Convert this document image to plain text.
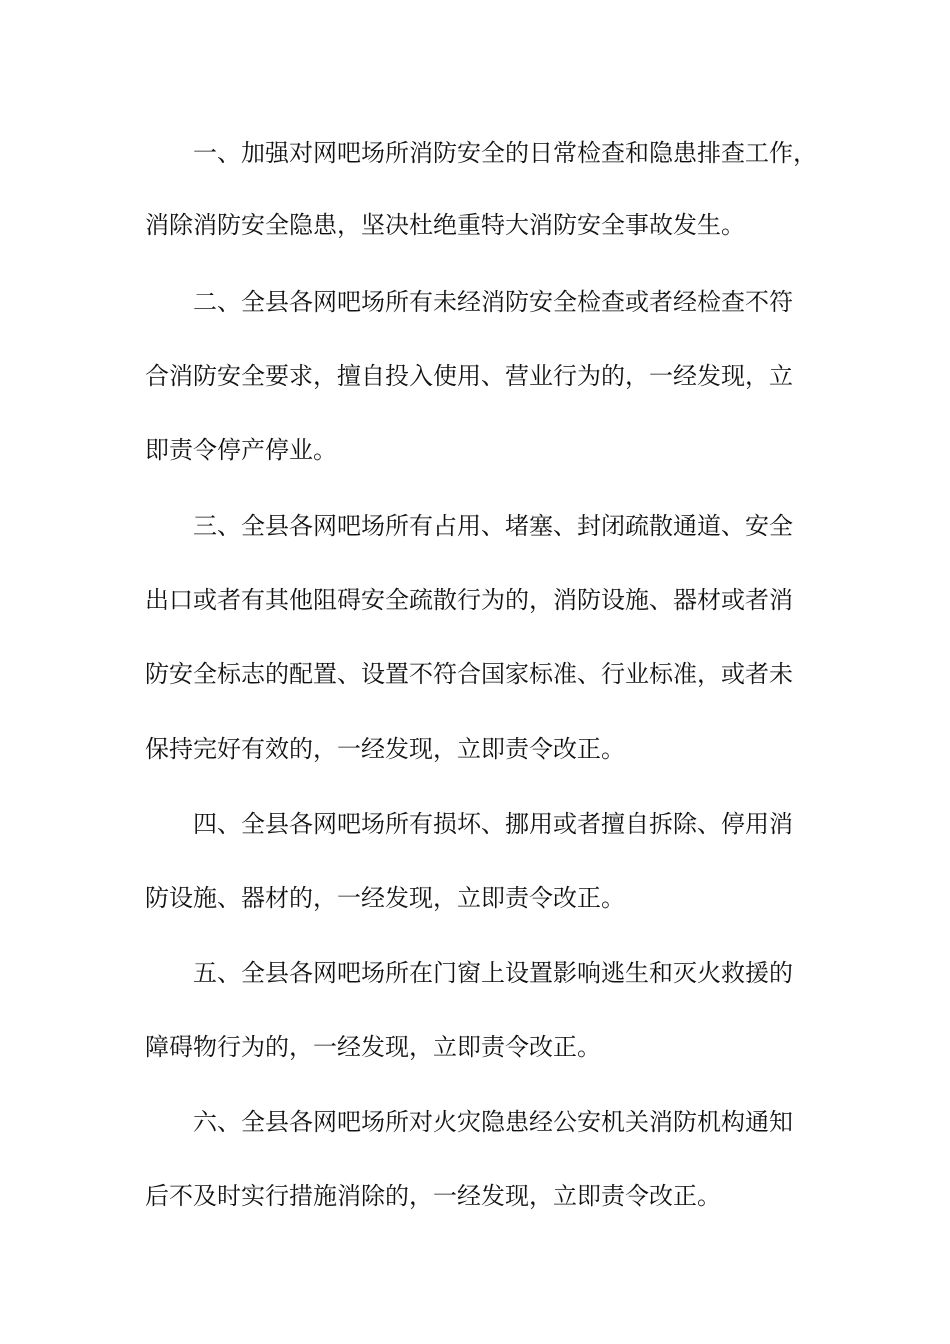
一、加强对网吧场所消防安全的日常检查和隐患排查工作，
消除消防安全隐患，坚决杜绝重特大消防安全事故发生。
二、全县各网吧场所有未经消防安全检查或者经检查不符
合消防安全要求，擅自投入使用、营业行为的，一经发现，立
即责令停产停业。
三、全县各网吧场所有占用、堵塞、封闭疏散通道、安全
出口或者有其他阻碍安全疏散行为的，消防设施、器材或者消
防安全标志的配置、设置不符合国家标准、行业标准，或者未
保持完好有效的，一经发现，立即责令改正。
四、全县各网吧场所有损坏、挪用或者擅自拆除、停用消
防设施、器材的，一经发现，立即责令改正。
五、全县各网吧场所在门窗上设置影响逃生和灭火救援的
障碍物行为的，一经发现，立即责令改正。
六、全县各网吧场所对火灾隐患经公安机关消防机构通知
后不及时实行措施消除的，一经发现，立即责令改正。
